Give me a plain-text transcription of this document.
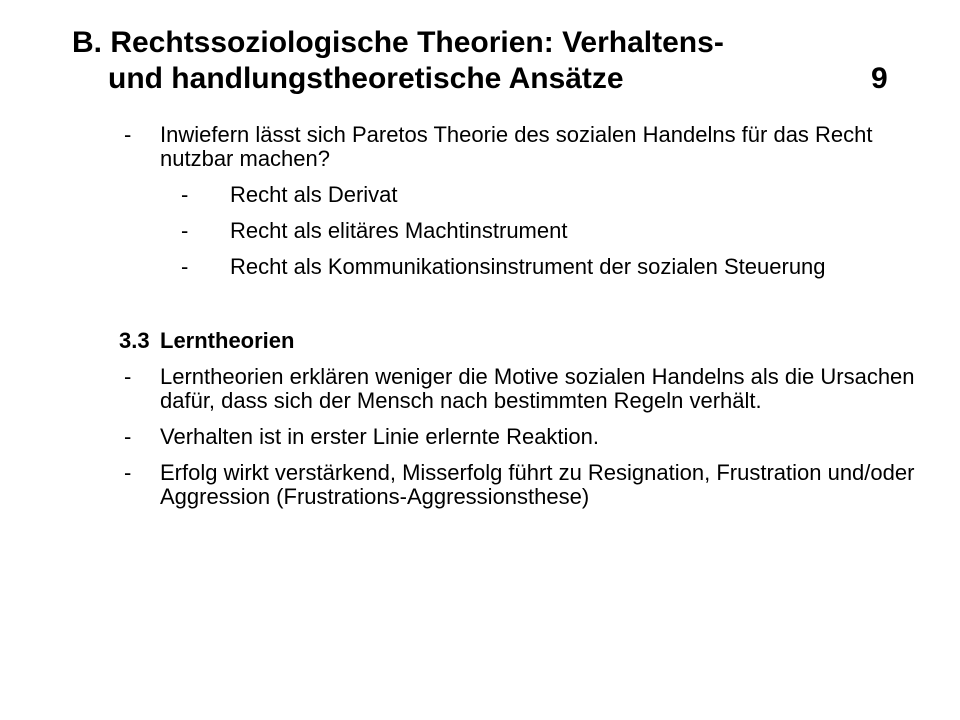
B. Rechtssoziologische Theorien: Verhaltens-
und handlungstheoretische Ansätze	9
- Inwiefern lässt sich Paretos Theorie des sozialen Handelns für das Recht nutzbar machen?
- Recht als Derivat
- Recht als elitäres Machtinstrument
- Recht als Kommunikationsinstrument der sozialen Steuerung
3.3 Lerntheorien
- Lerntheorien erklären weniger die Motive sozialen Handelns als die Ursachen dafür, dass sich der Mensch nach bestimmten Regeln verhält.
- Verhalten ist in erster Linie erlernte Reaktion.
- Erfolg wirkt verstärkend, Misserfolg führt zu Resignation, Frustration und/oder Aggression (Frustrations-Aggressionsthese)
